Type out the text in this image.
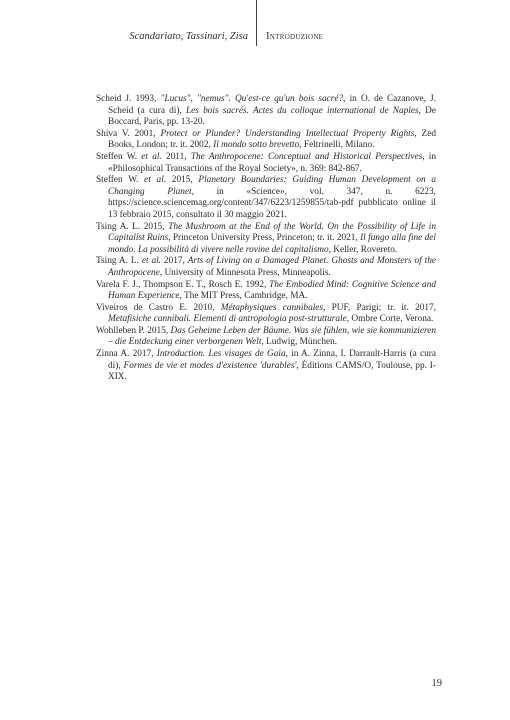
Scandariato, Tassinari, Zisa Introduzione
Scheid J. 1993, "Lucus", "nemus". Qu'est-ce qu'un bois sacré?, in O. de Cazanove, J. Scheid (a cura di), Les bois sacrés. Actes du colloque international de Naples, De Boccard, Paris, pp. 13-20.
Shiva V. 2001, Protect or Plunder? Understanding Intellectual Property Rights, Zed Books, London; tr. it. 2002, Il mondo sotto brevetto, Feltrinelli, Milano.
Steffen W. et al. 2011, The Anthropocene: Conceptual and Historical Perspectives, in «Philosophical Transactions of the Royal Society», n. 369: 842-867.
Steffen W. et al. 2015, Planetary Boundaries: Guiding Human Development on a Changing Planet, in «Science», vol. 347, n. 6223, https://science.sciencemag.org/content/347/6223/1259855/tab-pdf pubblicato online il 13 febbraio 2015, consultato il 30 maggio 2021.
Tsing A. L. 2015, The Mushroom at the End of the World. On the Possibility of Life in Capitalist Ruins, Princeton University Press, Princeton; tr. it. 2021, Il fungo alla fine del mondo. La possibilità di vivere nelle rovine del capitalismo, Keller, Rovereto.
Tsing A. L. et al. 2017, Arts of Living on a Damaged Planet. Ghosts and Monsters of the Anthropocene, University of Minnesota Press, Minneapolis.
Varela F. J., Thompson E. T., Rosch E. 1992, The Embodied Mind: Cognitive Science and Human Experience, The MIT Press, Cambridge, MA.
Viveiros de Castro E. 2010, Métaphysiques cannibales, PUF, Parigi; tr. it. 2017, Metafisiche cannibali. Elementi di antropologia post-strutturale, Ombre Corte, Verona.
Wohlleben P. 2015, Das Geheime Leben der Bäume. Was sie fühlen, wie sie kommunizieren – die Entdeckung einer verborgenen Welt, Ludwig, München.
Zinna A. 2017, Introduction. Les visages de Gaïa, in A. Zinna, I. Darrault-Harris (a cura di), Formes de vie et modes d'existence 'durables', Éditions CAMS/O, Toulouse, pp. I-XIX.
19
